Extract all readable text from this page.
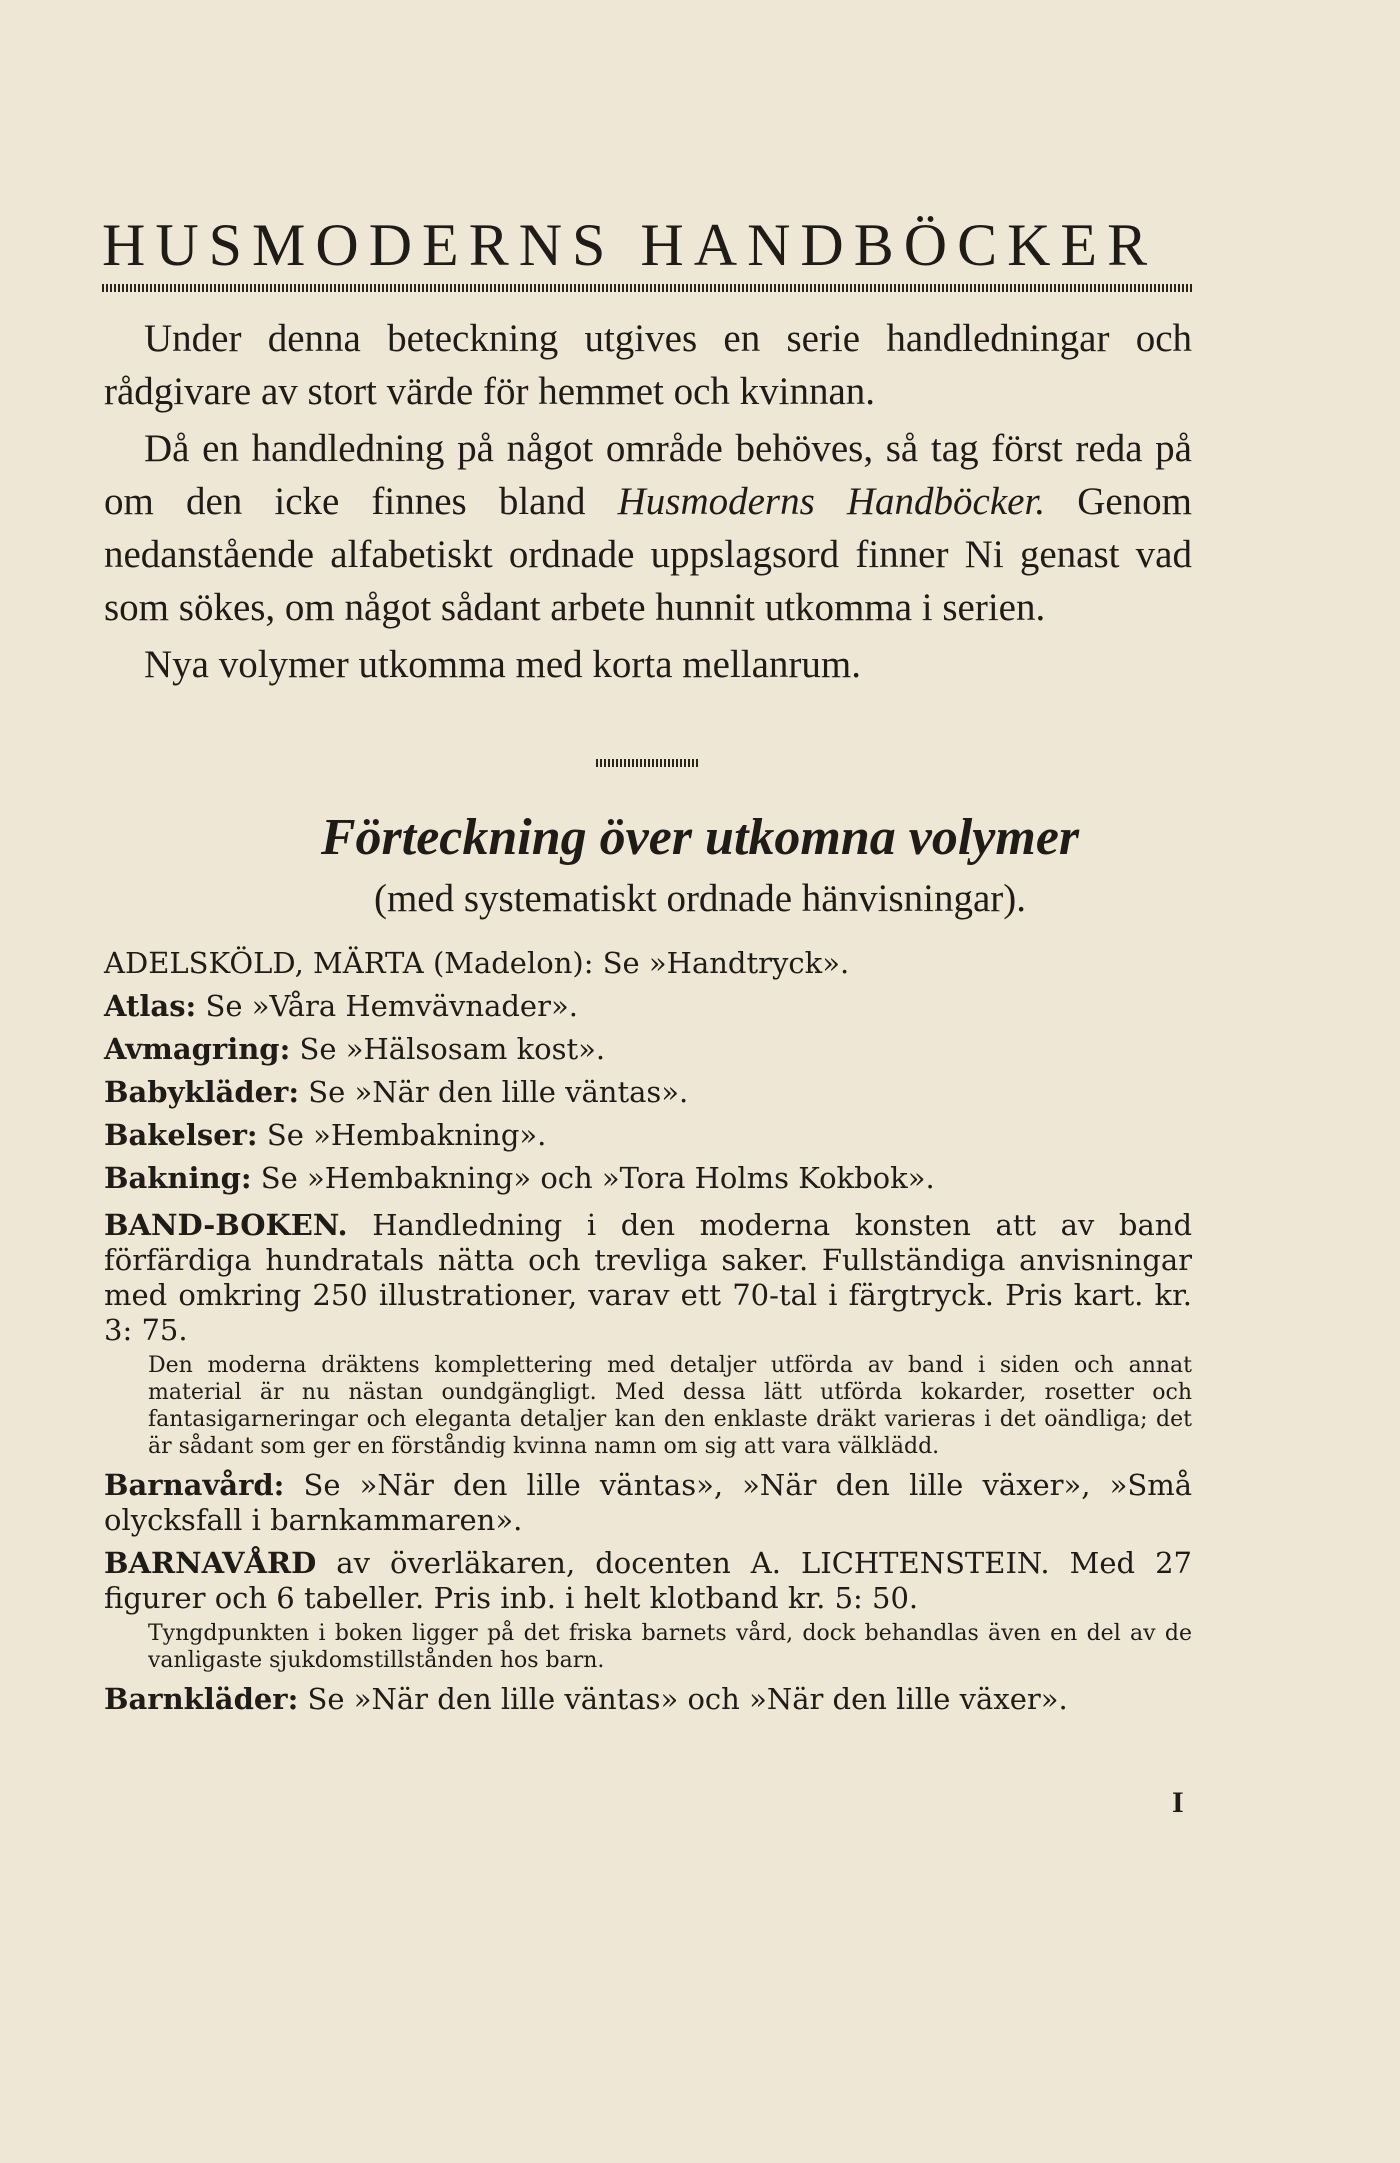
HUSMODERNS HANDBÖCKER

Under denna beteckning utgives en serie handledningar och rådgivare av stort värde för hemmet och kvinnan.

Då en handledning på något område behöves, så tag först reda på om den icke finnes bland Husmoderns Handböcker. Genom nedanstående alfabetiskt ordnade uppslagsord finner Ni genast vad som sökes, om något sådant arbete hunnit utkomma i serien.

Nya volymer utkomma med korta mellanrum.

Förteckning över utkomna volymer
(med systematiskt ordnade hänvisningar).

ADELSKÖLD, MÄRTA (Madelon): Se »Handtryck».

Atlas: Se »Våra Hemvävnader».

Avmagring: Se »Hälsosam kost».

Babykläder: Se »När den lille väntas».

Bakelser: Se »Hembakning».

Bakning: Se »Hembakning» och »Tora Holms Kokbok».

BAND-BOKEN. Handledning i den moderna konsten att av band förfärdiga hundratals nätta och trevliga saker. Fullständiga anvisningar med omkring 250 illustrationer, varav ett 70-tal i färgtryck. Pris kart. kr. 3: 75.
Den moderna dräktens komplettering med detaljer utförda av band i siden och annat material är nu nästan oundgängligt. Med dessa lätt utförda kokarder, rosetter och fantasigarneringar och eleganta detaljer kan den enklaste dräkt varieras i det oändliga; det är sådant som ger en förståndig kvinna namn om sig att vara välklädd.

Barnavård: Se »När den lille väntas», »När den lille växer», »Små olycksfall i barnkammaren».

BARNAVÅRD av överläkaren, docenten A. LICHTENSTEIN. Med 27 figurer och 6 tabeller. Pris inb. i helt klotband kr. 5: 50.
Tyngdpunkten i boken ligger på det friska barnets vård, dock behandlas även en del av de vanligaste sjukdomstillstånden hos barn.

Barnkläder: Se »När den lille väntas» och »När den lille växer».

I
